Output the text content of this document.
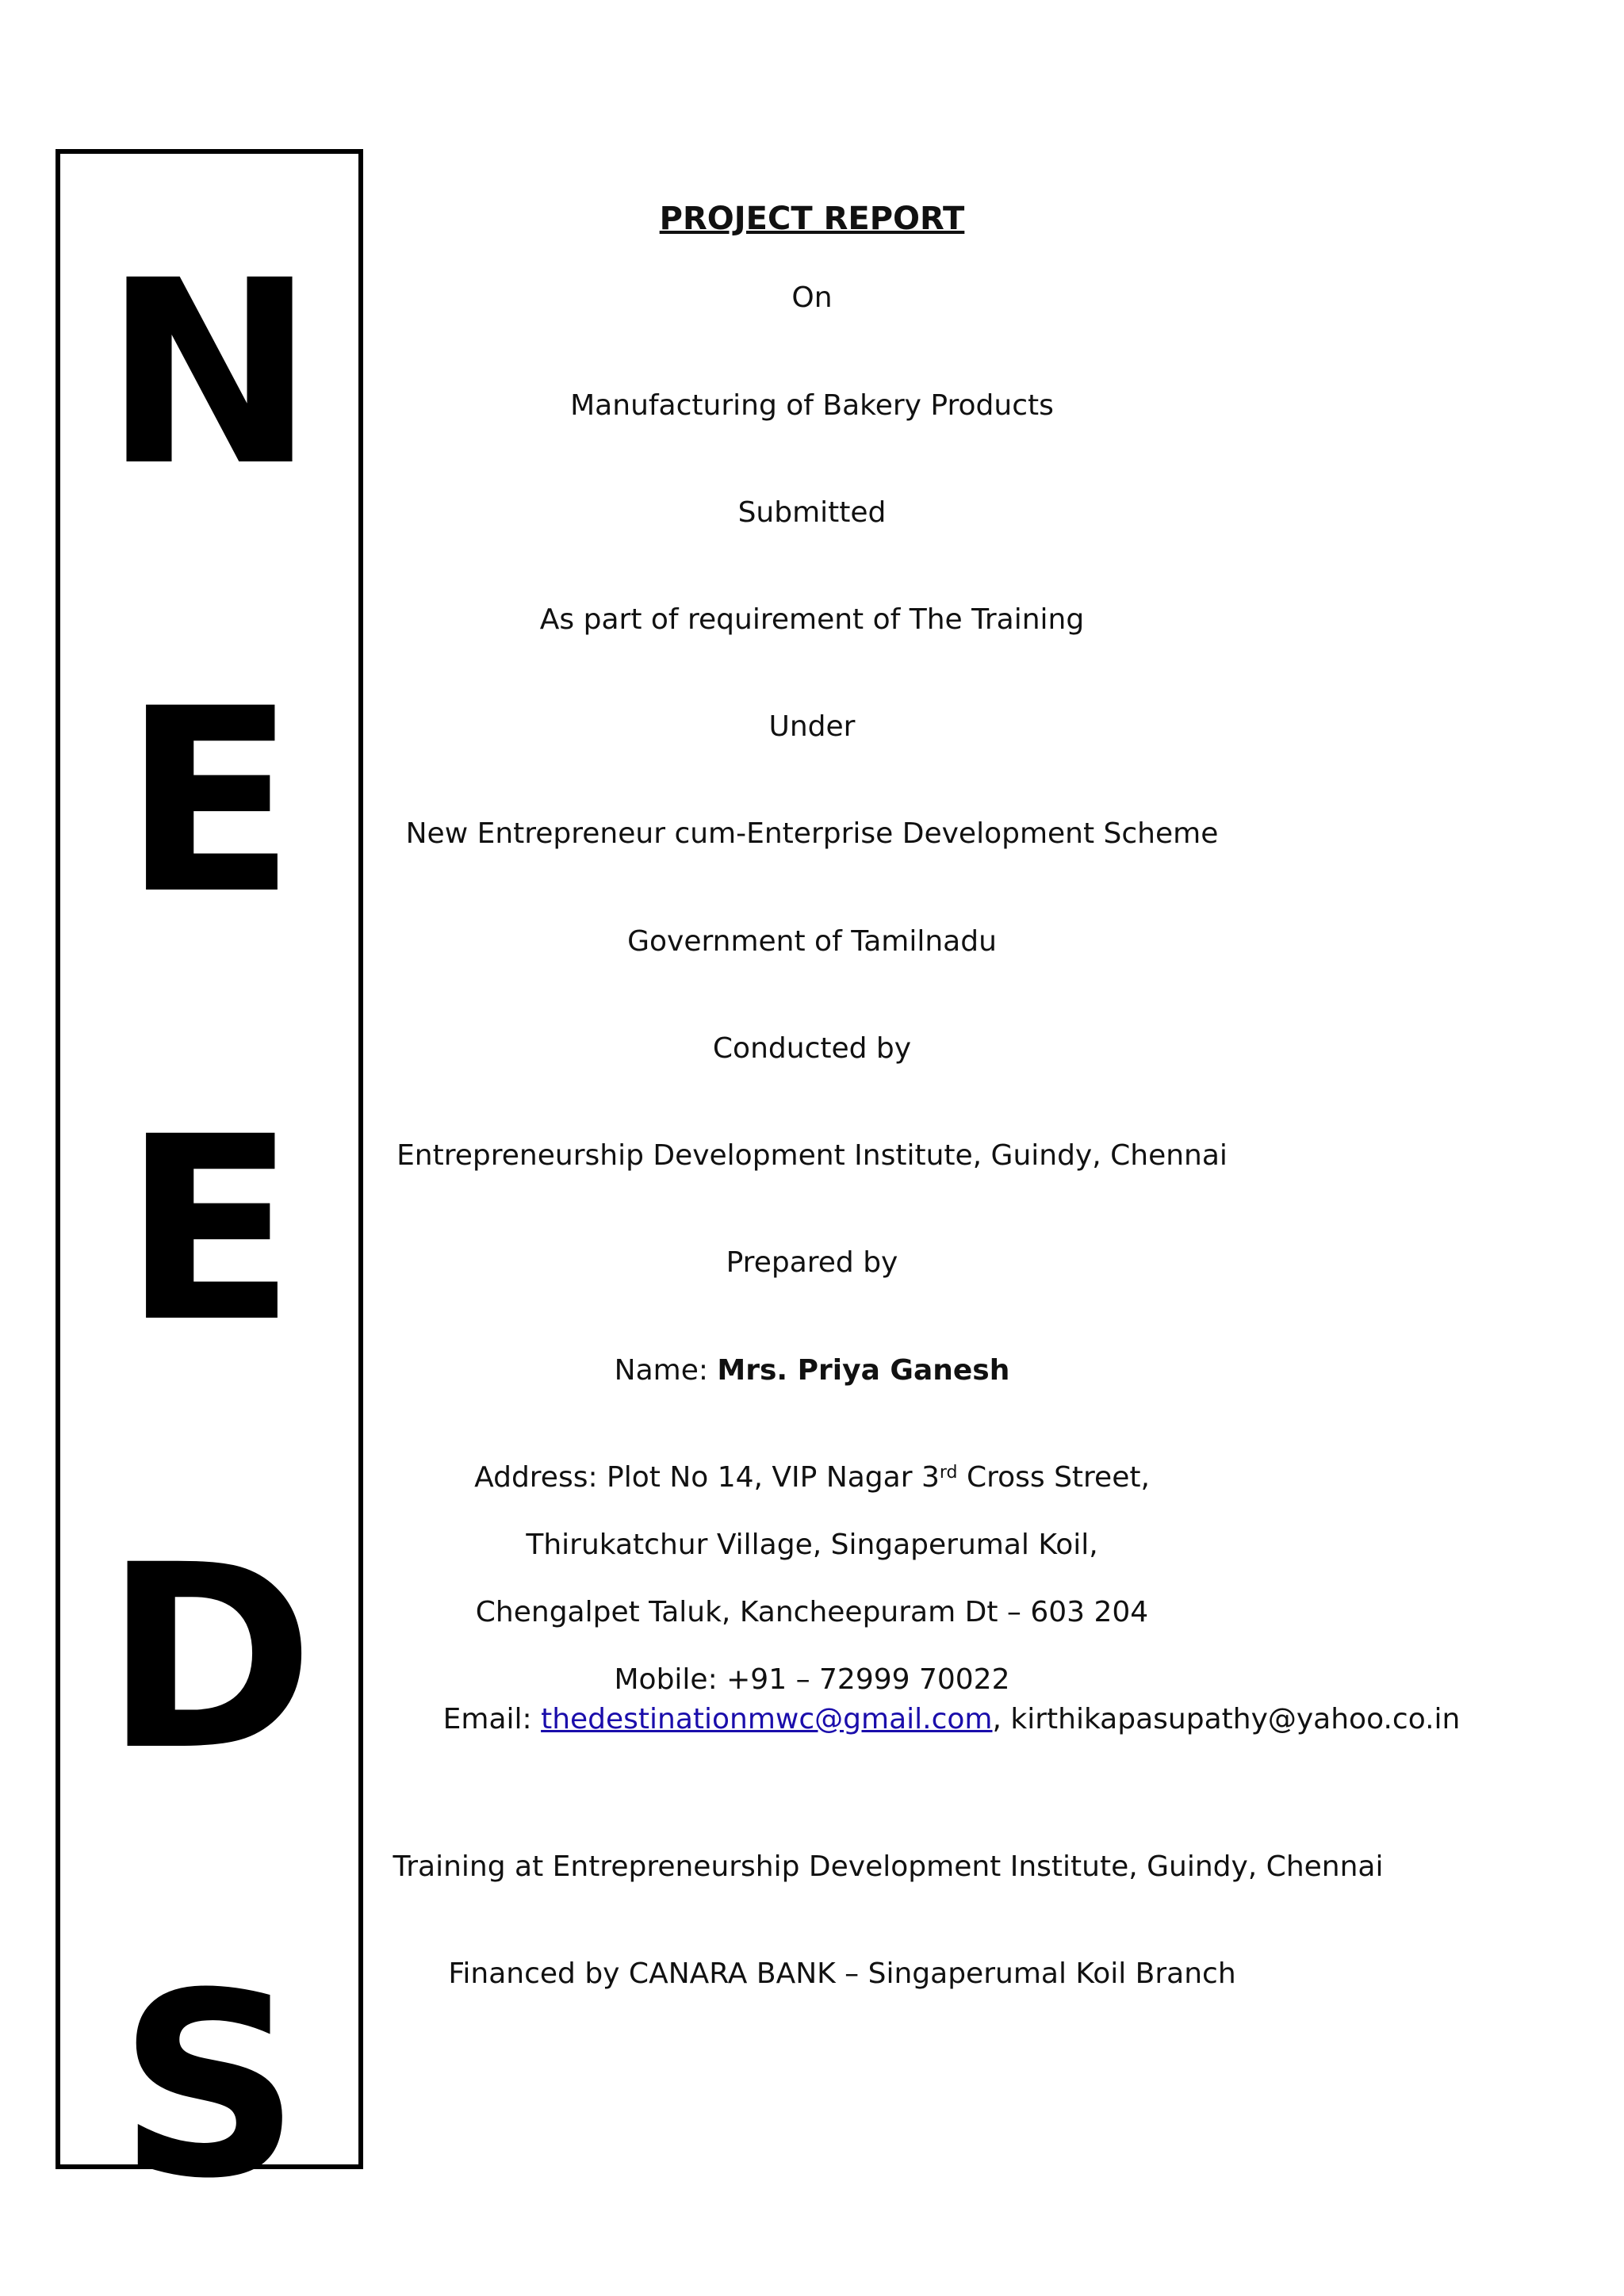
N
E
E
D
S
PROJECT REPORT
On
Manufacturing of Bakery Products
Submitted
As part of requirement of The Training
Under
New Entrepreneur cum-Enterprise Development Scheme
Government of Tamilnadu
Conducted by
Entrepreneurship Development Institute, Guindy, Chennai
Prepared by
Name: Mrs. Priya Ganesh
Address: Plot No 14, VIP Nagar 3rd Cross Street,
Thirukatchur Village, Singaperumal Koil,
Chengalpet Taluk, Kancheepuram Dt – 603 204
Mobile: +91 – 72999 70022
Email: thedestinationmwc@gmail.com, kirthikapasupathy@yahoo.co.in
Training at Entrepreneurship Development Institute, Guindy, Chennai
Financed by CANARA BANK – Singaperumal Koil Branch
